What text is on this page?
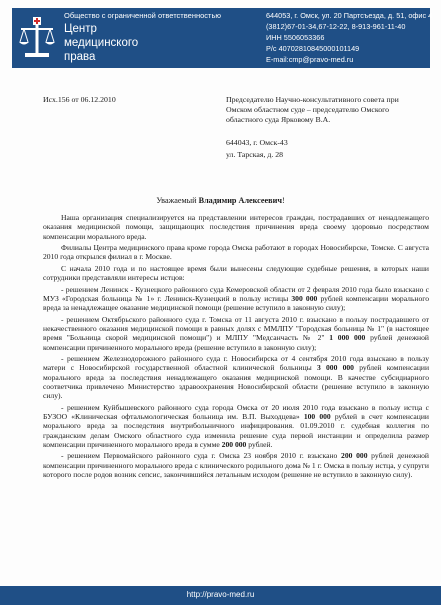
Общество с ограниченной ответственностью
Центр
медицинского
права
644053, г. Омск, ул. 20 Партсъезда, д. 51, офис 4
(3812)67-01-34,67-12-22, 8-913-961-11-40
ИНН 5506053366
Р/с 40702810845000101149
E-mail:cmp@pravo-med.ru
Исх.156 от 06.12.2010	Председателю Научно-консультативного совета при Омском областном суде – председателю Омского областного суда Ярковому В.А.
644043, г. Омск-43
ул. Тарская, д. 28
Уважаемый Владимир Алексеевич!

Наша организация специализируется на представлении интересов граждан, пострадавших от ненадлежащего оказания медицинской помощи, защищающих последствия причинения вреда своему здоровью посредством компенсации морального вреда.

Филиалы Центра медицинского права кроме города Омска работают в городах Новосибирске, Томске. С августа 2010 года открылся филиал в г. Москве.

С начала 2010 года и по настоящее время были вынесены следующие судебные решения, в которых наши сотрудники представляли интересы истцов:

- решением Ленинск - Кузнецкого районного суда Кемеровской области от 2 февраля 2010 года было взыскано с МУЗ «Городская больница № 1» г. Ленинск-Кузнецкий в пользу истицы 300 000 рублей компенсации морального вреда за ненадлежащее оказание медицинской помощи (решение вступило в законную силу);

- решением Октябрьского районного суда г. Томска от 11 августа 2010 г. взыскано в пользу пострадавшего от некачественного оказания медицинской помощи в равных долях с ММЛПУ "Городская больница № 1" (в настоящее время "Больница скорой медицинской помощи") и МЛПУ "Медсанчасть № 2" 1 000 000 рублей денежной компенсации причиненного морального вреда (решение вступило в законную силу);

- решением Железнодорожного районного суда г. Новосибирска от 4 сентября 2010 года взыскано в пользу матери с Новосибирской государственной областной клинической больницы 3 000 000 рублей компенсации морального вреда за последствия ненадлежащего оказания медицинской помощи. В качестве субсидиарного соответчика привлечено Министерство здравоохранения Новосибирской области (решение вступило в законную силу).

- решением Куйбышевского районного суда города Омска от 20 июля 2010 года взыскано в пользу истца с БУЗОО «Клиническая офтальмологическая больница им. В.П. Выходцева» 100 000 рублей в счет компенсации морального вреда за последствия внутрибольничного инфицирования. 01.09.2010 г. судебная коллегия по гражданским делам Омского областного суда изменила решение суда первой инстанции и определила размер компенсации причиненного морального вреда в сумме 200 000 рублей.

- решением Первомайского районного суда г. Омска 23 ноября 2010 г. взыскано 200 000 рублей денежной компенсации причиненного морального вреда с клинического родильного дома № 1 г. Омска в пользу истца, у супруги которого после родов возник сепсис, закончившийся летальным исходом (решение не вступило в законную силу).

http://pravo-med.ru
